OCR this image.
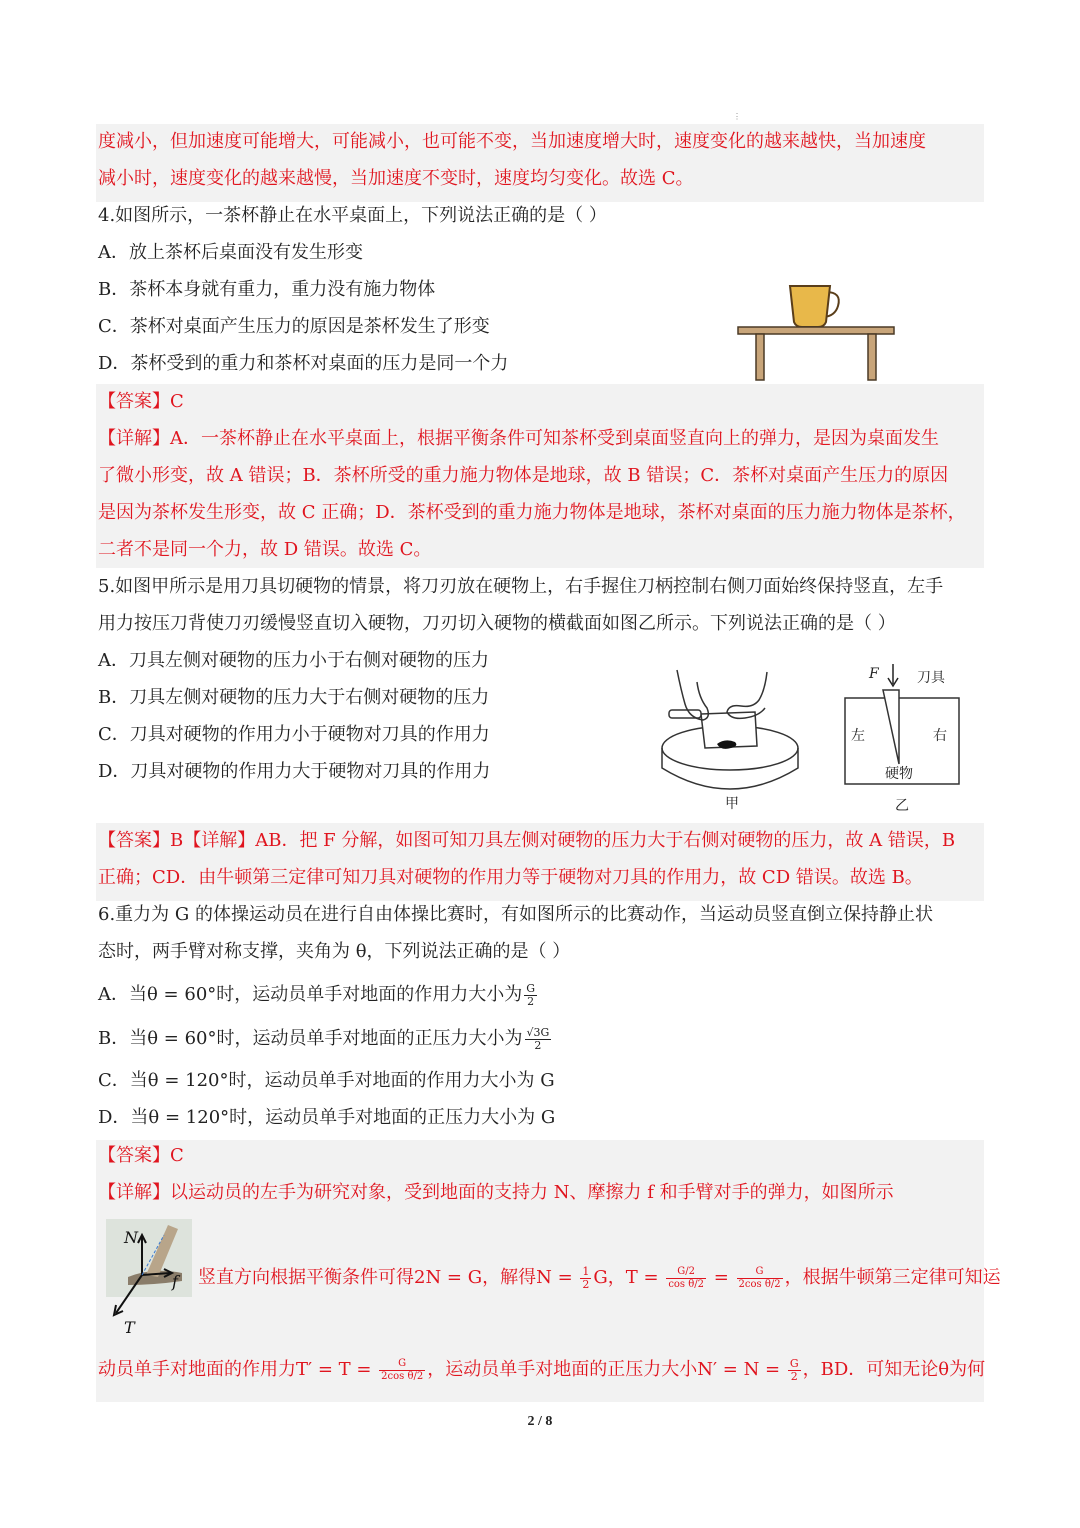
⋮
度减小，但加速度可能增大，可能减小，也可能不变，当加速度增大时，速度变化的越来越快，当加速度
减小时，速度变化的越来越慢，当加速度不变时，速度均匀变化。故选 C。
4.如图所示，一茶杯静止在水平桌面上，下列说法正确的是（ ）
A．放上茶杯后桌面没有发生形变
B．茶杯本身就有重力，重力没有施力物体
C．茶杯对桌面产生压力的原因是茶杯发生了形变
D．茶杯受到的重力和茶杯对桌面的压力是同一个力
【答案】C
【详解】A．一茶杯静止在水平桌面上，根据平衡条件可知茶杯受到桌面竖直向上的弹力，是因为桌面发生
了微小形变，故 A 错误；B．茶杯所受的重力施力物体是地球，故 B 错误；C．茶杯对桌面产生压力的原因
是因为茶杯发生形变，故 C 正确；D．茶杯受到的重力施力物体是地球，茶杯对桌面的压力施力物体是茶杯，
二者不是同一个力，故 D 错误。故选 C。
5.如图甲所示是用刀具切硬物的情景，将刀刃放在硬物上，右手握住刀柄控制右侧刀面始终保持竖直，左手
用力按压刀背使刀刃缓慢竖直切入硬物，刀刃切入硬物的横截面如图乙所示。下列说法正确的是（ ）
A．刀具左侧对硬物的压力小于右侧对硬物的压力
B．刀具左侧对硬物的压力大于右侧对硬物的压力
C．刀具对硬物的作用力小于硬物对刀具的作用力
D．刀具对硬物的作用力大于硬物对刀具的作用力
甲
F	刀具
左	右
硬物
乙
【答案】B【详解】AB．把 F 分解，如图可知刀具左侧对硬物的压力大于右侧对硬物的压力，故 A 错误，B
正确；CD．由牛顿第三定律可知刀具对硬物的作用力等于硬物对刀具的作用力，故 CD 错误。故选 B。
6.重力为 G 的体操运动员在进行自由体操比赛时，有如图所示的比赛动作，当运动员竖直倒立保持静止状
态时，两手臂对称支撑，夹角为 θ，下列说法正确的是（ ）
A．当θ = 60°时，运动员单手对地面的作用力大小为 $\frac{G}{2}$
B．当θ = 60°时，运动员单手对地面的正压力大小为 $\frac{√3G}{2}$
C．当θ = 120°时，运动员单手对地面的作用力大小为 G
D．当θ = 120°时，运动员单手对地面的正压力大小为 G
【答案】C
【详解】以运动员的左手为研究对象，受到地面的支持力 N、摩擦力 f 和手臂对手的弹力，如图所示
N
f
T
竖直方向根据平衡条件可得2N = G，解得$N = \frac{1}{2}$ G，$T = \frac{G/2}{\text{cos θ/2}} = \frac{G}{\text{2cos θ/2}}$ ，根据牛顿第三定律可知运
动员单手对地面的作用力$T' = T = \frac{G}{\text{2cos θ/2}}$ ，运动员单手对地面的正压力大小$N' = N = \frac{G}{2}$ ，BD．可知无论θ为何
2 / 8
